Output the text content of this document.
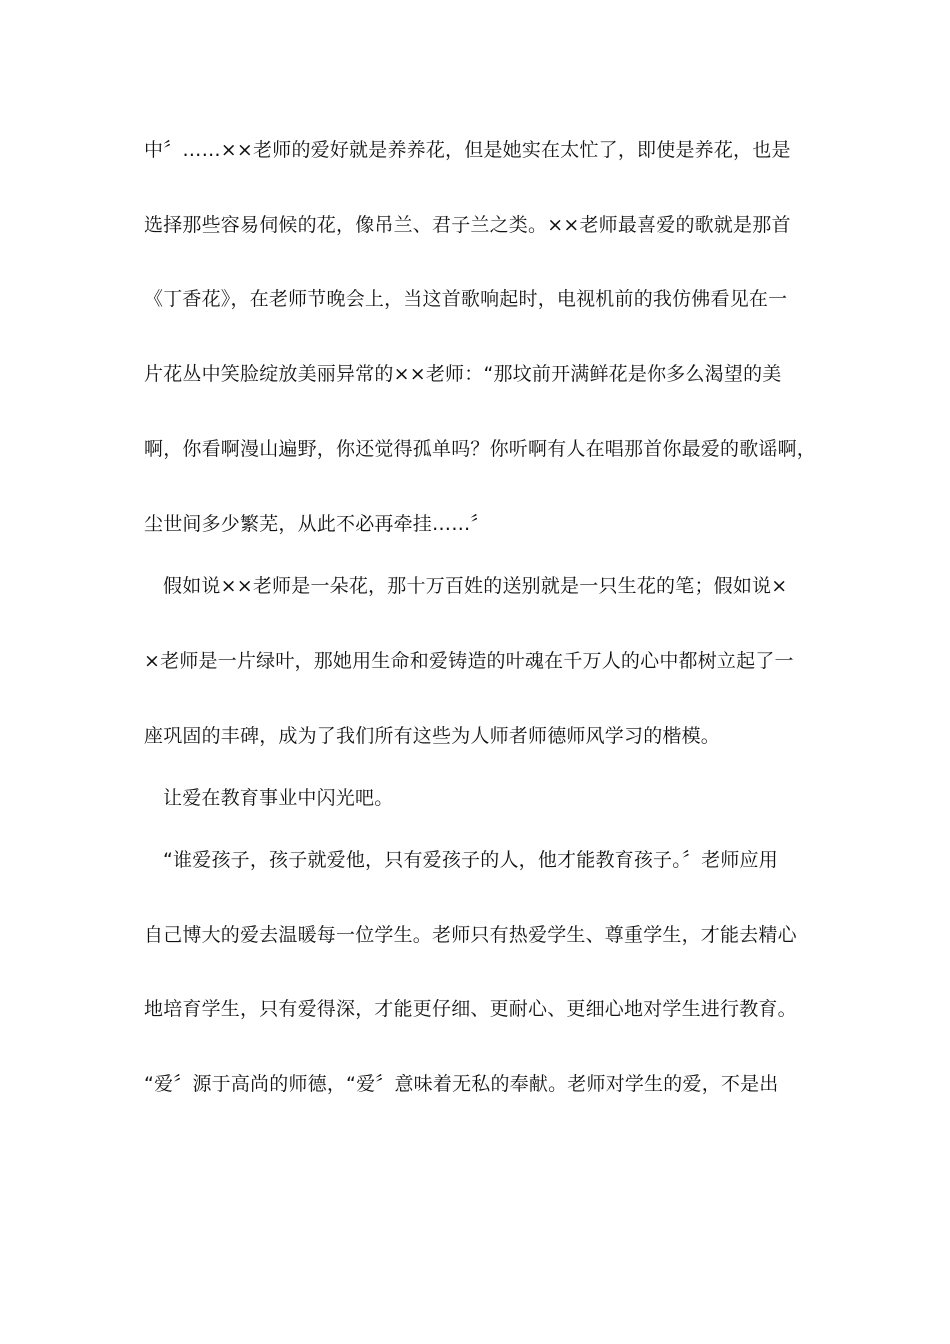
中〞……××老师的爱好就是养养花，但是她实在太忙了，即使是养花，也是
选择那些容易伺候的花，像吊兰、君子兰之类。××老师最喜爱的歌就是那首
《丁香花》，在老师节晚会上，当这首歌响起时，电视机前的我仿佛看见在一
片花丛中笑脸绽放美丽异常的××老师：“那坟前开满鲜花是你多么渴望的美
啊，你看啊漫山遍野，你还觉得孤单吗？你听啊有人在唱那首你最爱的歌谣啊，
尘世间多少繁芜，从此不必再牵挂……〞
假如说××老师是一朵花，那十万百姓的送别就是一只生花的笔；假如说×
×老师是一片绿叶，那她用生命和爱铸造的叶魂在千万人的心中都树立起了一
座巩固的丰碑，成为了我们所有这些为人师者师德师风学习的楷模。
让爱在教育事业中闪光吧。
“谁爱孩子，孩子就爱他，只有爱孩子的人，他才能教育孩子。〞老师应用
自己博大的爱去温暖每一位学生。老师只有热爱学生、尊重学生，才能去精心
地培育学生，只有爱得深，才能更仔细、更耐心、更细心地对学生进行教育。
“爱〞源于高尚的师德，“爱〞意味着无私的奉献。老师对学生的爱，不是出
